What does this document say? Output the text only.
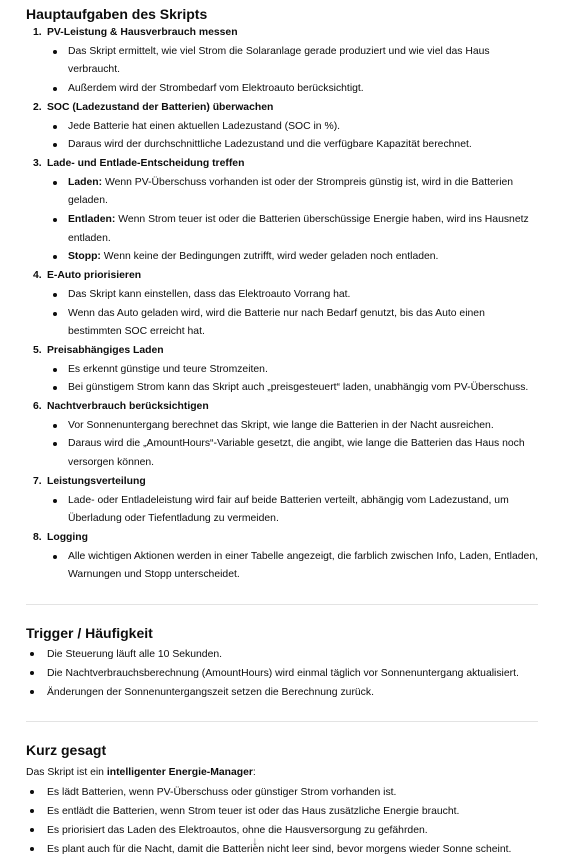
Hauptaufgaben des Skripts
1. PV-Leistung & Hausverbrauch messen
Das Skript ermittelt, wie viel Strom die Solaranlage gerade produziert und wie viel das Haus verbraucht.
Außerdem wird der Strombedarf vom Elektroauto berücksichtigt.
2. SOC (Ladezustand der Batterien) überwachen
Jede Batterie hat einen aktuellen Ladezustand (SOC in %).
Daraus wird der durchschnittliche Ladezustand und die verfügbare Kapazität berechnet.
3. Lade- und Entlade-Entscheidung treffen
Laden: Wenn PV-Überschuss vorhanden ist oder der Strompreis günstig ist, wird in die Batterien geladen.
Entladen: Wenn Strom teuer ist oder die Batterien überschüssige Energie haben, wird ins Hausnetz entladen.
Stopp: Wenn keine der Bedingungen zutrifft, wird weder geladen noch entladen.
4. E-Auto priorisieren
Das Skript kann einstellen, dass das Elektroauto Vorrang hat.
Wenn das Auto geladen wird, wird die Batterie nur nach Bedarf genutzt, bis das Auto einen bestimmten SOC erreicht hat.
5. Preisabhängiges Laden
Es erkennt günstige und teure Stromzeiten.
Bei günstigem Strom kann das Skript auch „preisgesteuert“ laden, unabhängig vom PV-Überschuss.
6. Nachtverbrauch berücksichtigen
Vor Sonnenuntergang berechnet das Skript, wie lange die Batterien in der Nacht ausreichen.
Daraus wird die „AmountHours“-Variable gesetzt, die angibt, wie lange die Batterien das Haus noch versorgen können.
7. Leistungsverteilung
Lade- oder Entladeleistung wird fair auf beide Batterien verteilt, abhängig vom Ladezustand, um Überladung oder Tiefentladung zu vermeiden.
8. Logging
Alle wichtigen Aktionen werden in einer Tabelle angezeigt, die farblich zwischen Info, Laden, Entladen, Warnungen und Stopp unterscheidet.
Trigger / Häufigkeit
Die Steuerung läuft alle 10 Sekunden.
Die Nachtverbrauchsberechnung (AmountHours) wird einmal täglich vor Sonnenuntergang aktualisiert.
Änderungen der Sonnenuntergangszeit setzen die Berechnung zurück.
Kurz gesagt
Das Skript ist ein intelligenter Energie-Manager:
Es lädt Batterien, wenn PV-Überschuss oder günstiger Strom vorhanden ist.
Es entlädt die Batterien, wenn Strom teuer ist oder das Haus zusätzliche Energie braucht.
Es priorisiert das Laden des Elektroautos, ohne die Hausversorgung zu gefährden.
Es plant auch für die Nacht, damit die Batterien nicht leer sind, bevor morgens wieder Sonne scheint.
↓
